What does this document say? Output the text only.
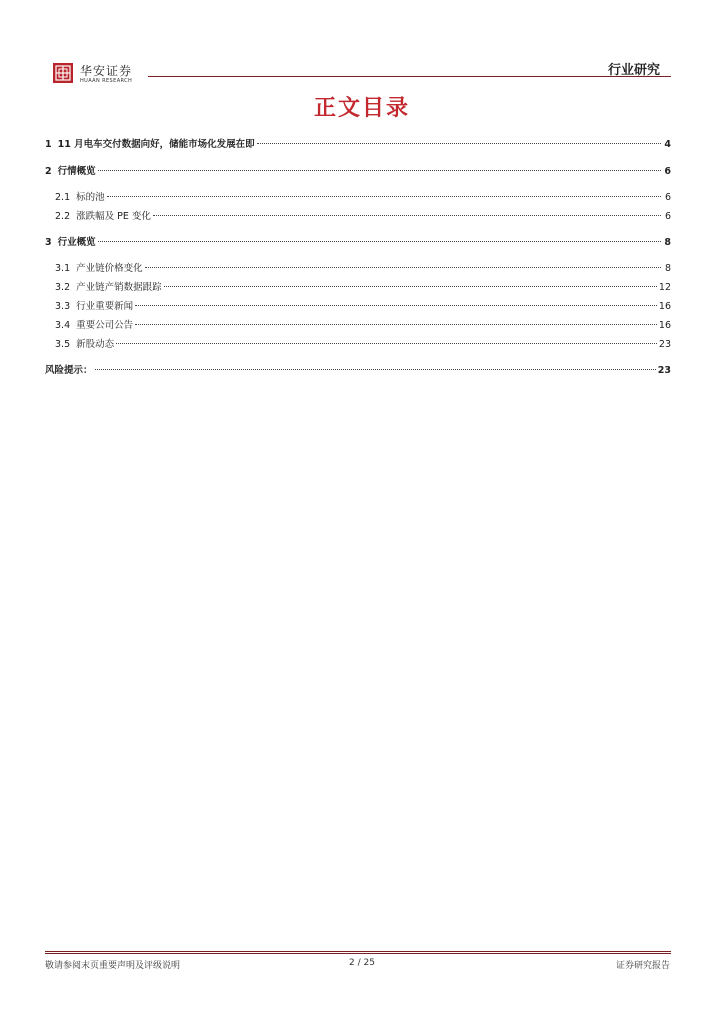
华安证券
HUAAN RESEARCH
行业研究
正文目录
1 11 月电车交付数据向好，储能市场化发展在即	4
2 行情概览	6
2.1 标的池	6
2.2 涨跌幅及 PE 变化	6
3 行业概览	8
3.1 产业链价格变化	8
3.2 产业链产销数据跟踪	12
3.3 行业重要新闻	16
3.4 重要公司公告	16
3.5 新股动态	23
风险提示：	23
敬请参阅末页重要声明及评级说明	2 / 25	证券研究报告
